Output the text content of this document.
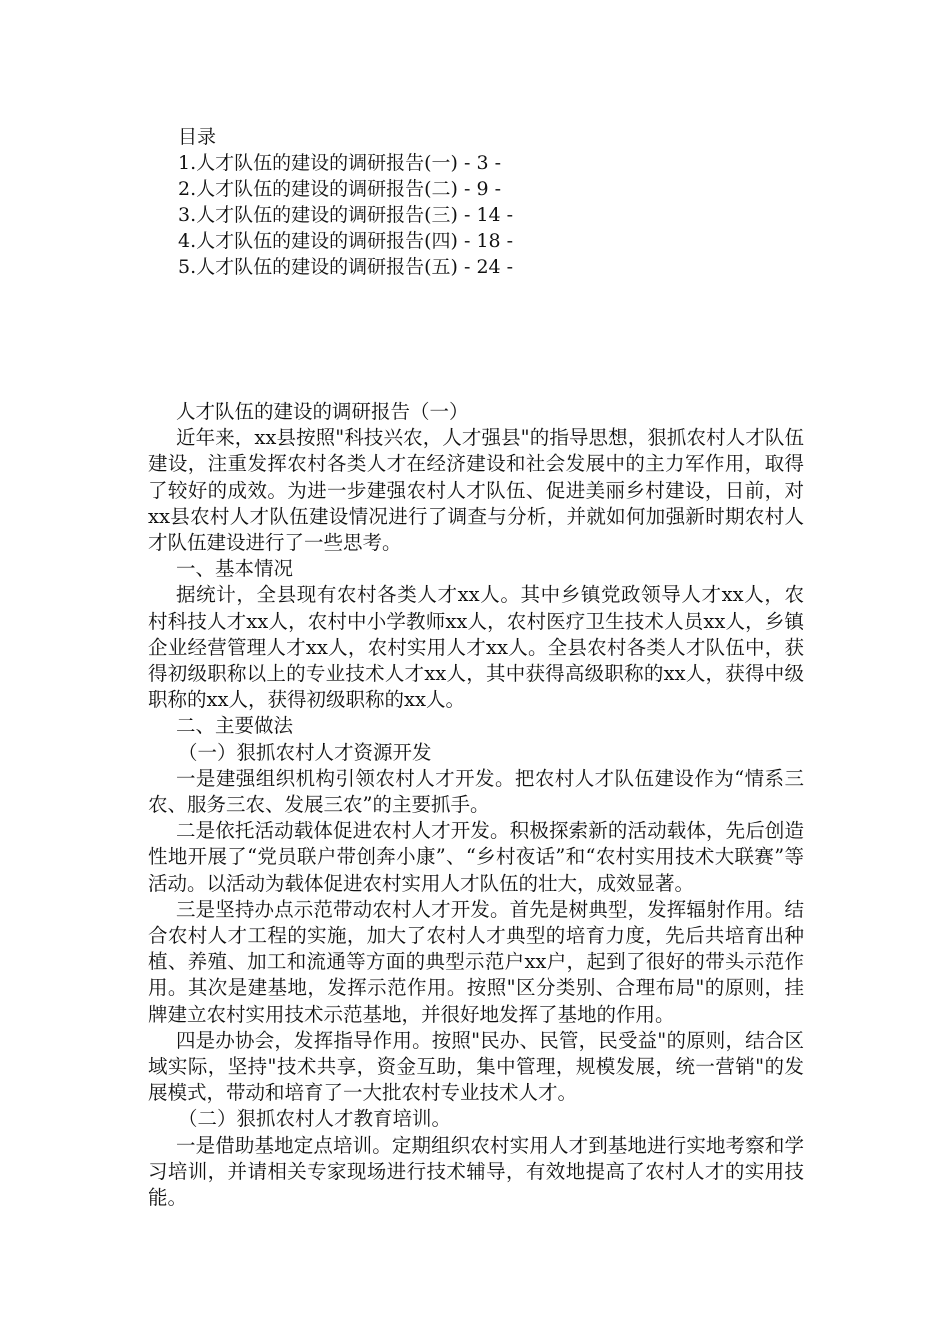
目录
1.人才队伍的建设的调研报告(一) - 3 -
2.人才队伍的建设的调研报告(二) - 9 -
3.人才队伍的建设的调研报告(三) - 14 -
4.人才队伍的建设的调研报告(四) - 18 -
5.人才队伍的建设的调研报告(五) - 24 -

人才队伍的建设的调研报告（一）

近年来，xx县按照"科技兴农，人才强县"的指导思想，狠抓农村人才队伍建设，注重发挥农村各类人才在经济建设和社会发展中的主力军作用，取得了较好的成效。为进一步建强农村人才队伍、促进美丽乡村建设，日前，对xx县农村人才队伍建设情况进行了调查与分析，并就如何加强新时期农村人才队伍建设进行了一些思考。

一、基本情况

据统计，全县现有农村各类人才xx人。其中乡镇党政领导人才xx人，农村科技人才xx人，农村中小学教师xx人，农村医疗卫生技术人员xx人，乡镇企业经营管理人才xx人，农村实用人才xx人。全县农村各类人才队伍中，获得初级职称以上的专业技术人才xx人，其中获得高级职称的xx人，获得中级职称的xx人，获得初级职称的xx人。

二、主要做法

（一）狠抓农村人才资源开发

一是建强组织机构引领农村人才开发。把农村人才队伍建设作为“情系三农、服务三农、发展三农”的主要抓手。

二是依托活动载体促进农村人才开发。积极探索新的活动载体，先后创造性地开展了“党员联户带创奔小康”、“乡村夜话”和“农村实用技术大联赛”等活动。以活动为载体促进农村实用人才队伍的壮大，成效显著。

三是坚持办点示范带动农村人才开发。首先是树典型，发挥辐射作用。结合农村人才工程的实施，加大了农村人才典型的培育力度，先后共培育出种植、养殖、加工和流通等方面的典型示范户xx户，起到了很好的带头示范作用。其次是建基地，发挥示范作用。按照"区分类别、合理布局"的原则，挂牌建立农村实用技术示范基地，并很好地发挥了基地的作用。

四是办协会，发挥指导作用。按照"民办、民管，民受益"的原则，结合区域实际，坚持"技术共享，资金互助，集中管理，规模发展，统一营销"的发展模式，带动和培育了一大批农村专业技术人才。

（二）狠抓农村人才教育培训。

一是借助基地定点培训。定期组织农村实用人才到基地进行实地考察和学习培训，并请相关专家现场进行技术辅导，有效地提高了农村人才的实用技能。
